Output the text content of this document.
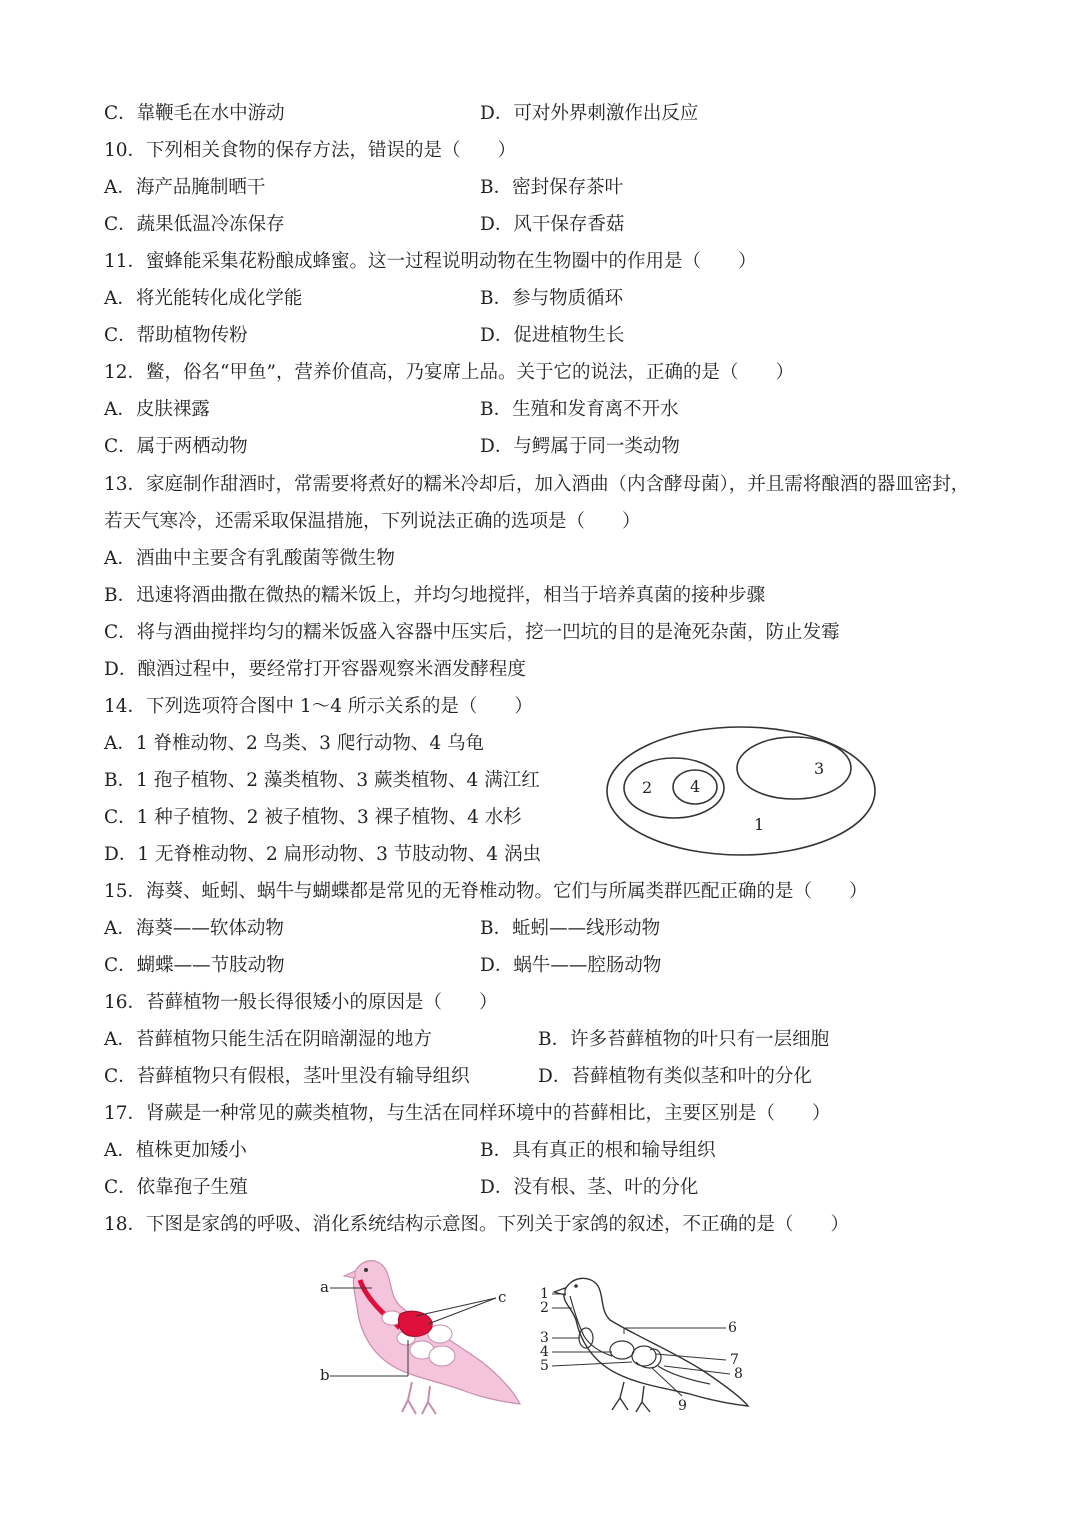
C．靠鞭毛在水中游动	D．可对外界刺激作出反应
10．下列相关食物的保存方法，错误的是（　　）
A．海产品腌制晒干	B．密封保存茶叶
C．蔬果低温冷冻保存	D．风干保存香菇
11．蜜蜂能采集花粉酿成蜂蜜。这一过程说明动物在生物圈中的作用是（　　）
A．将光能转化成化学能	B．参与物质循环
C．帮助植物传粉	D．促进植物生长
12．鳖，俗名“甲鱼”，营养价值高，乃宴席上品。关于它的说法，正确的是（　　）
A．皮肤裸露	B．生殖和发育离不开水
C．属于两栖动物	D．与鳄属于同一类动物
13．家庭制作甜酒时，常需要将煮好的糯米冷却后，加入酒曲（内含酵母菌），并且需将酿酒的器皿密封，
若天气寒冷，还需采取保温措施，下列说法正确的选项是（　　）
A．酒曲中主要含有乳酸菌等微生物
B．迅速将酒曲撒在微热的糯米饭上，并均匀地搅拌，相当于培养真菌的接种步骤
C．将与酒曲搅拌均匀的糯米饭盛入容器中压实后，挖一凹坑的目的是淹死杂菌，防止发霉
D．酿酒过程中，要经常打开容器观察米酒发酵程度
14．下列选项符合图中 1～4 所示关系的是（　　）
A．1 脊椎动物、2 鸟类、3 爬行动物、4 乌龟
B．1 孢子植物、2 藻类植物、3 蕨类植物、4 满江红
C．1 种子植物、2 被子植物、3 裸子植物、4 水杉
D．1 无脊椎动物、2 扁形动物、3 节肢动物、4 涡虫
1
2
3
4
15．海葵、蚯蚓、蜗牛与蝴蝶都是常见的无脊椎动物。它们与所属类群匹配正确的是（　　）
A．海葵——软体动物	B．蚯蚓——线形动物
C．蝴蝶——节肢动物	D．蜗牛——腔肠动物
16．苔藓植物一般长得很矮小的原因是（　　）
A．苔藓植物只能生活在阴暗潮湿的地方	B．许多苔藓植物的叶只有一层细胞
C．苔藓植物只有假根，茎叶里没有输导组织	D．苔藓植物有类似茎和叶的分化
17．肾蕨是一种常见的蕨类植物，与生活在同样环境中的苔藓相比，主要区别是（　　）
A．植株更加矮小	B．具有真正的根和输导组织
C．依靠孢子生殖	D．没有根、茎、叶的分化
18．下图是家鸽的呼吸、消化系统结构示意图。下列关于家鸽的叙述，不正确的是（　　）
a
b
c 1
2
3
4
5
6
7
8
9
